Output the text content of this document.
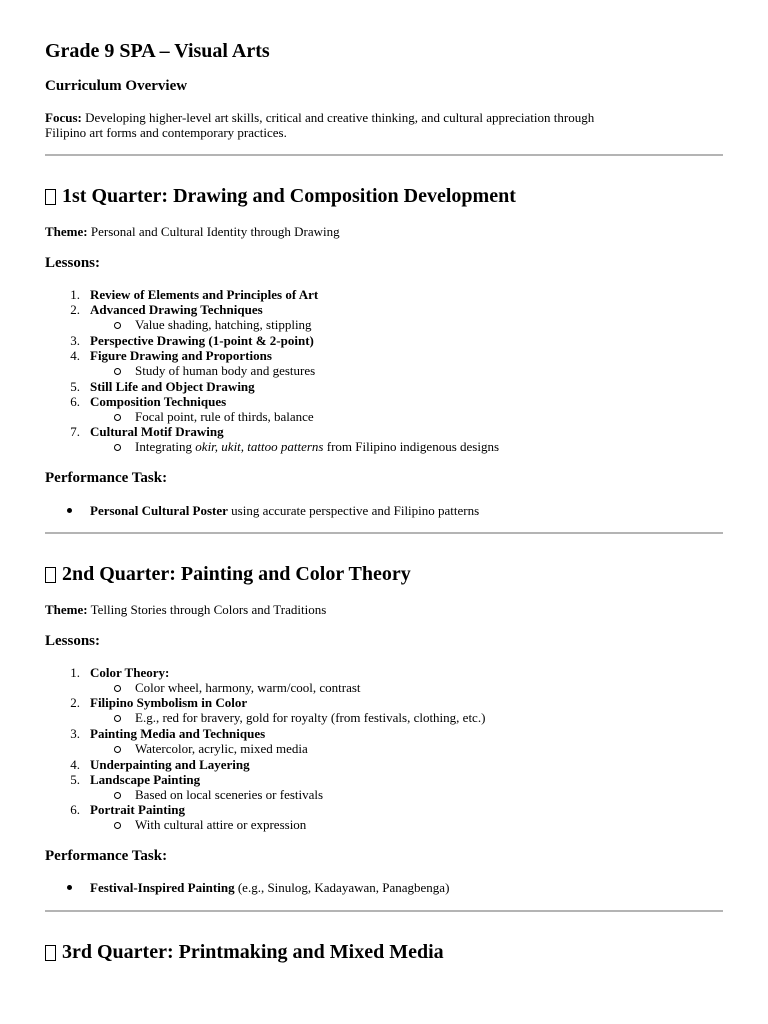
Grade 9 SPA – Visual Arts
Curriculum Overview
Focus: Developing higher-level art skills, critical and creative thinking, and cultural appreciation through
Filipino art forms and contemporary practices.
1st Quarter: Drawing and Composition Development
Theme: Personal and Cultural Identity through Drawing
Lessons:
1. Review of Elements and Principles of Art
2. Advanced Drawing Techniques
Value shading, hatching, stippling
3. Perspective Drawing (1-point & 2-point)
4. Figure Drawing and Proportions
Study of human body and gestures
5. Still Life and Object Drawing
6. Composition Techniques
Focal point, rule of thirds, balance
7. Cultural Motif Drawing
Integrating okir, ukit, tattoo patterns from Filipino indigenous designs
Performance Task:
Personal Cultural Poster using accurate perspective and Filipino patterns
2nd Quarter: Painting and Color Theory
Theme: Telling Stories through Colors and Traditions
Lessons:
1. Color Theory:
Color wheel, harmony, warm/cool, contrast
2. Filipino Symbolism in Color
E.g., red for bravery, gold for royalty (from festivals, clothing, etc.)
3. Painting Media and Techniques
Watercolor, acrylic, mixed media
4. Underpainting and Layering
5. Landscape Painting
Based on local sceneries or festivals
6. Portrait Painting
With cultural attire or expression
Performance Task:
Festival-Inspired Painting (e.g., Sinulog, Kadayawan, Panagbenga)
3rd Quarter: Printmaking and Mixed Media
